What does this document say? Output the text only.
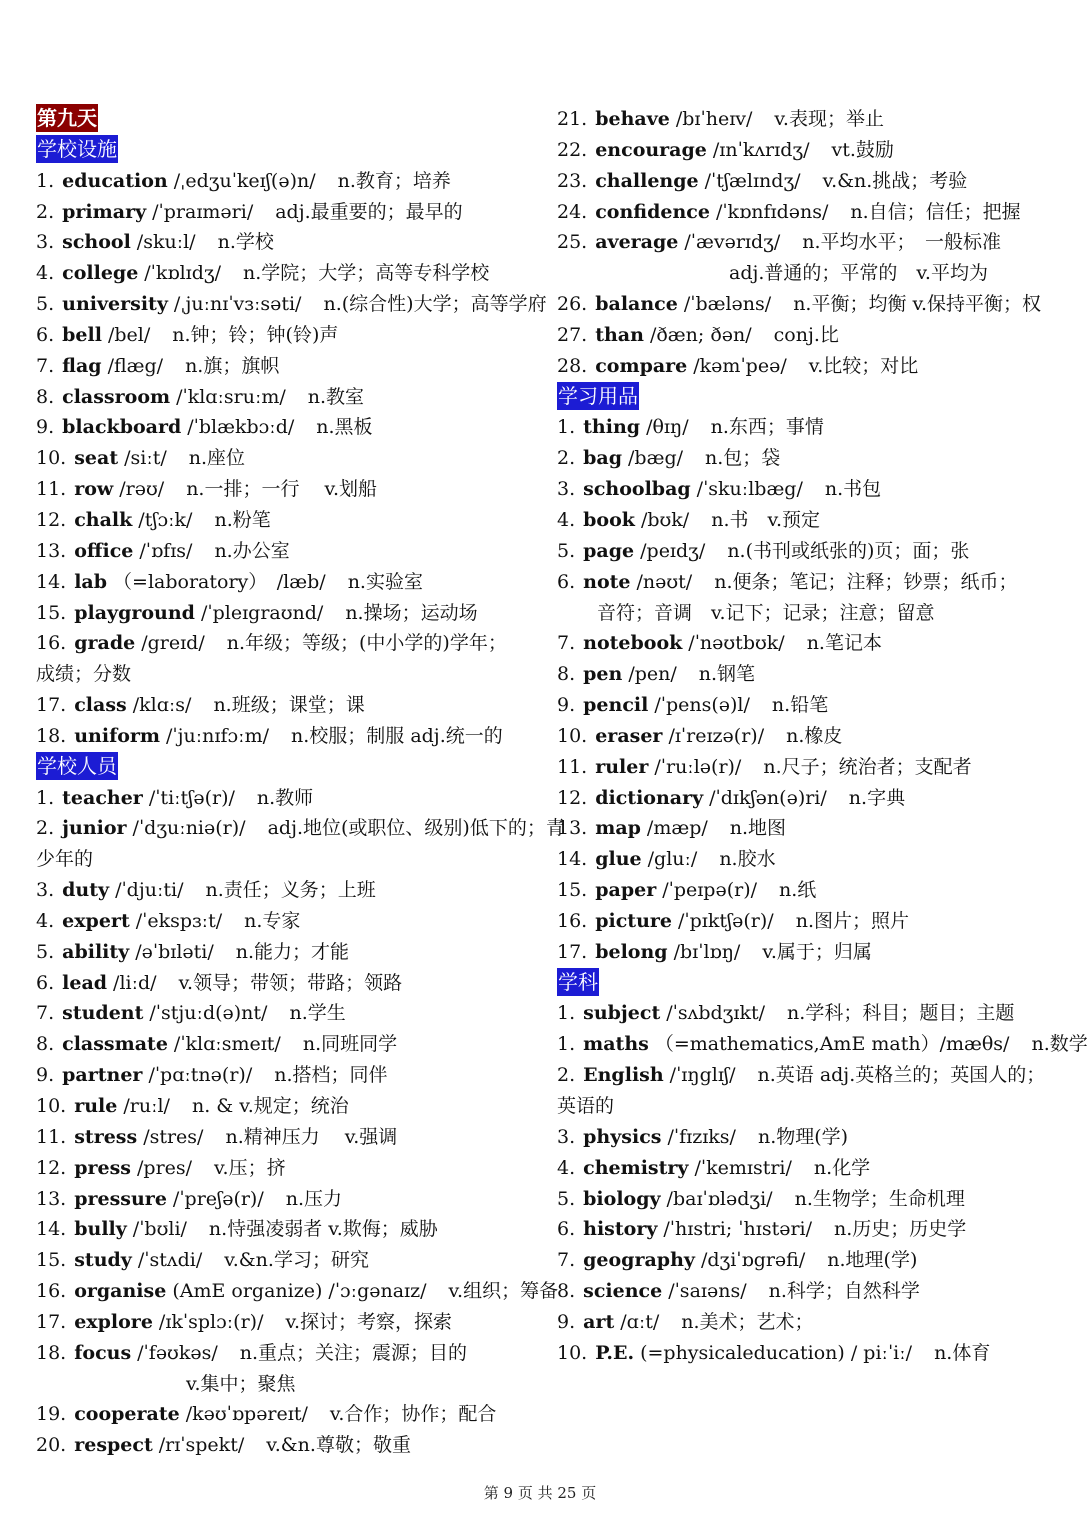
第九天
学校设施
1. education /ˌedʒuˈkeɪʃ(ə)n/ n.教育；培养
2. primary /ˈpraɪməri/ adj.最重要的；最早的
3. school /skuːl/ n.学校
4. college /ˈkɒlɪdʒ/ n.学院；大学；高等专科学校
5. university /ˌjuːnɪˈvɜːsəti/ n.(综合性)大学；高等学府
6. bell /bel/ n.钟；铃；钟(铃)声
7. flag /flæg/ n.旗；旗帜
8. classroom /ˈklɑːsruːm/ n.教室
9. blackboard /ˈblækbɔːd/ n.黑板
10. seat /siːt/ n.座位
11. row /rəʊ/ n.一排；一行　 v.划船
12. chalk /tʃɔːk/ n.粉笔
13. office /ˈɒfɪs/ n.办公室
14. lab （=laboratory）　/læb/ n.实验室
15. playground /ˈpleɪgraʊnd/ n.操场；运动场
16. grade /greɪd/ n.年级；等级；(中小学的)学年；
成绩；分数
17. class /klɑːs/ n.班级；课堂；课
18. uniform /ˈjuːnɪfɔːm/ n.校服；制服 adj.统一的
学校人员
1. teacher /ˈtiːtʃə(r)/ n.教师
2. junior /ˈdʒuːniə(r)/ adj.地位(或职位、级别)低下的；青
少年的
3. duty /ˈdjuːti/ n.责任；义务；上班
4. expert /ˈekspɜːt/ n.专家
5. ability /əˈbɪləti/ n.能力；才能
6. lead /liːd/ v.领导；带领；带路；领路
7. student /ˈstjuːd(ə)nt/ n.学生
8. classmate /ˈklɑːsmeɪt/ n.同班同学
9. partner /ˈpɑːtnə(r)/ n.搭档；同伴
10. rule /ruːl/ n. & v.规定；统治
11. stress /stres/ n.精神压力　 v.强调
12. press /pres/ v.压；挤
13. pressure /ˈpreʃə(r)/ n.压力
14. bully /ˈbʊli/ n.恃强凌弱者 v.欺侮；威胁
15. study /ˈstʌdi/ v.&n.学习；研究
16. organise (AmE organize) /ˈɔːgənaɪz/ v.组织；筹备
17. explore /ɪkˈsplɔː(r)/ v.探讨；考察，探索
18. focus /ˈfəʊkəs/ n.重点；关注；震源；目的
v.集中；聚焦
19. cooperate /kəʊˈɒpəreɪt/ v.合作；协作；配合
20. respect /rɪˈspekt/ v.&n.尊敬；敬重
21. behave /bɪˈheɪv/ v.表现；举止
22. encourage /ɪnˈkʌrɪdʒ/ vt.鼓励
23. challenge /ˈtʃælɪndʒ/ v.&n.挑战；考验
24. confidence /ˈkɒnfɪdəns/ n.自信；信任；把握
25. average /ˈævərɪdʒ/ n.平均水平；　一般标准
adj.普通的；平常的　v.平均为
26. balance /ˈbæləns/ n.平衡；均衡 v.保持平衡；权
27. than /ðæn; ðən/ conj.比
28. compare /kəmˈpeə/ v.比较；对比
学习用品
1. thing /θɪŋ/ n.东西；事情
2. bag /bæg/ n.包；袋
3. schoolbag /ˈskuːlbæg/ n.书包
4. book /bʊk/ n.书　v.预定
5. page /peɪdʒ/ n.(书刊或纸张的)页；面；张
6. note /nəʊt/ n.便条；笔记；注释；钞票；纸币；
音符；音调　v.记下；记录；注意；留意
7. notebook /ˈnəʊtbʊk/ n.笔记本
8. pen /pen/ n.钢笔
9. pencil /ˈpens(ə)l/ n.铅笔
10. eraser /ɪˈreɪzə(r)/ n.橡皮
11. ruler /ˈruːlə(r)/ n.尺子；统治者；支配者
12. dictionary /ˈdɪkʃən(ə)ri/ n.字典
13. map /mæp/ n.地图
14. glue /gluː/ n.胶水
15. paper /ˈpeɪpə(r)/ n.纸
16. picture /ˈpɪktʃə(r)/ n.图片；照片
17. belong /bɪˈlɒŋ/ v.属于；归属
学科
1. subject /ˈsʌbdʒɪkt/ n.学科；科目；题目；主题
1. maths （=mathematics,AmE math）/mæθs/ n.数学
2. English /ˈɪŋglɪʃ/ n.英语 adj.英格兰的；英国人的；
英语的
3. physics /ˈfɪzɪks/ n.物理(学)
4. chemistry /ˈkemɪstri/ n.化学
5. biology /baɪˈɒlədʒi/ n.生物学；生命机理
6. history /ˈhɪstri; ˈhɪstəri/ n.历史；历史学
7. geography /dʒiˈɒgrəfi/ n.地理(学)
8. science /ˈsaɪəns/ n.科学；自然科学
9. art /ɑːt/ n.美术；艺术；
10. P.E. (=physicaleducation) / piːˈiː/ n.体育
第 9 页 共 25 页
